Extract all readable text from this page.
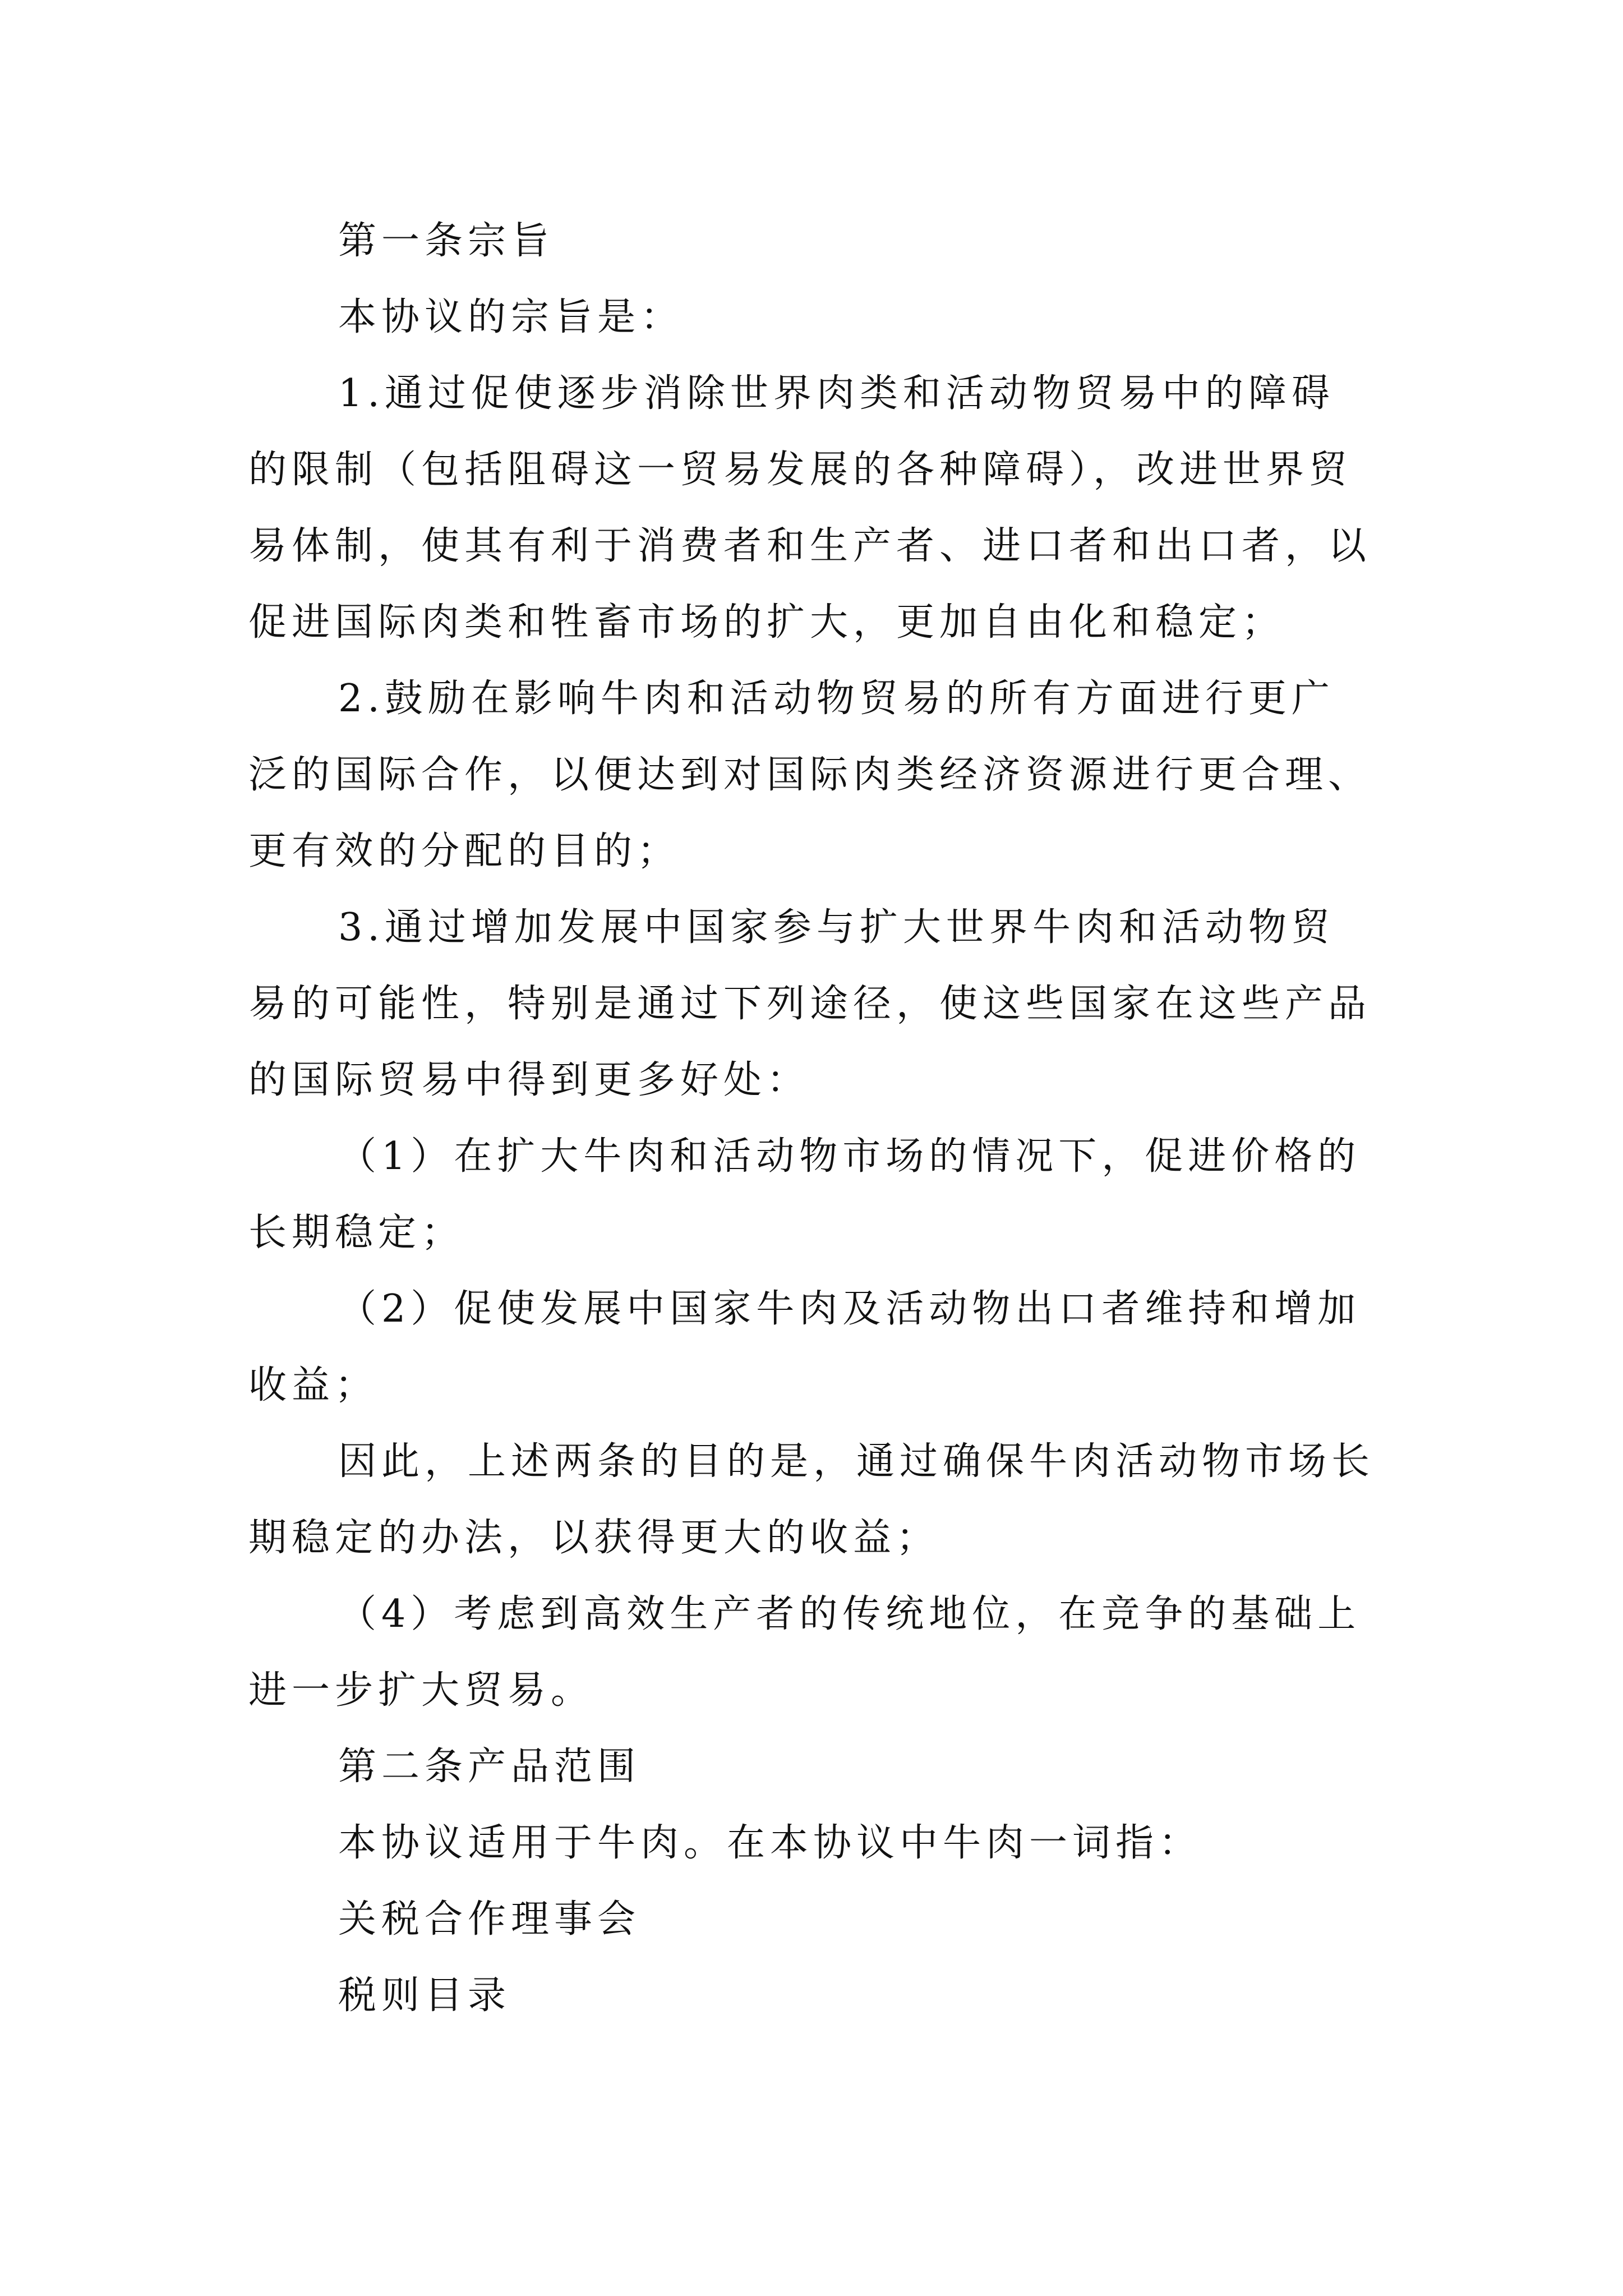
第一条宗旨
本协议的宗旨是：
1.通过促使逐步消除世界肉类和活动物贸易中的障碍
的限制（包括阻碍这一贸易发展的各种障碍），改进世界贸
易体制，使其有利于消费者和生产者、进口者和出口者，以
促进国际肉类和牲畜市场的扩大，更加自由化和稳定；
2.鼓励在影响牛肉和活动物贸易的所有方面进行更广
泛的国际合作，以便达到对国际肉类经济资源进行更合理、
更有效的分配的目的；
3.通过增加发展中国家参与扩大世界牛肉和活动物贸
易的可能性，特别是通过下列途径，使这些国家在这些产品
的国际贸易中得到更多好处：
（1）在扩大牛肉和活动物市场的情况下，促进价格的
长期稳定；
（2）促使发展中国家牛肉及活动物出口者维持和增加
收益；
因此，上述两条的目的是，通过确保牛肉活动物市场长
期稳定的办法，以获得更大的收益；
（4）考虑到高效生产者的传统地位，在竞争的基础上
进一步扩大贸易。
第二条产品范围
本协议适用于牛肉。在本协议中牛肉一词指：
关税合作理事会
税则目录
